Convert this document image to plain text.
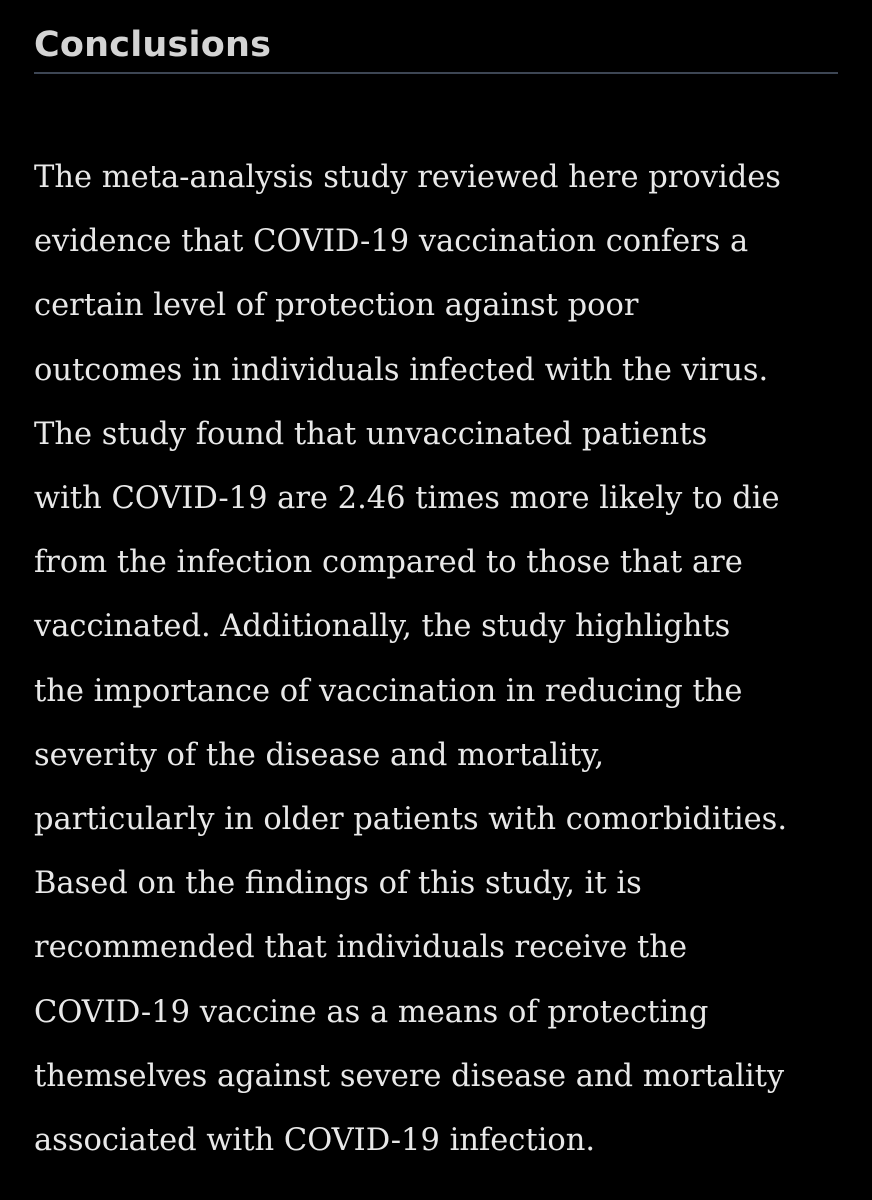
Conclusions

The meta-analysis study reviewed here provides
evidence that COVID-19 vaccination confers a
certain level of protection against poor
outcomes in individuals infected with the virus.
The study found that unvaccinated patients
with COVID-19 are 2.46 times more likely to die
from the infection compared to those that are
vaccinated. Additionally, the study highlights
the importance of vaccination in reducing the
severity of the disease and mortality,
particularly in older patients with comorbidities.
Based on the findings of this study, it is
recommended that individuals receive the
COVID-19 vaccine as a means of protecting
themselves against severe disease and mortality
associated with COVID-19 infection.
